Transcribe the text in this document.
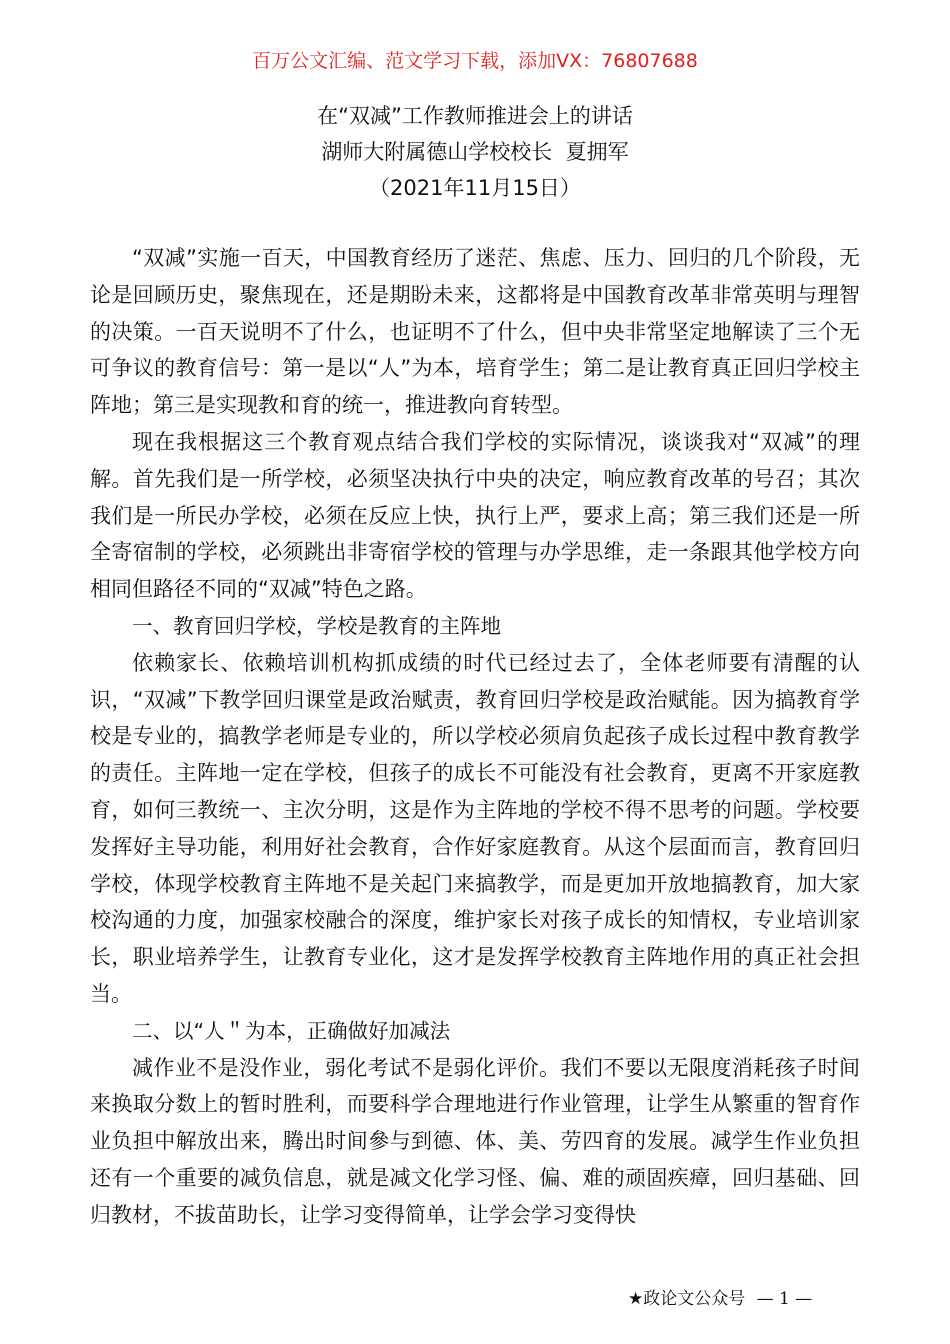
百万公文汇编、范文学习下载，添加VX：76807688
在“双减”工作教师推进会上的讲话
湖师大附属德山学校校长  夏拥军
（2021年11月15日）

“双减”实施一百天，中国教育经历了迷茫、焦虑、压力、回归的几个阶段，无论是回顾历史，聚焦现在，还是期盼未来，这都将是中国教育改革非常英明与理智的决策。一百天说明不了什么，也证明不了什么，但中央非常坚定地解读了三个无可争议的教育信号：第一是以“人”为本，培育学生；第二是让教育真正回归学校主阵地；第三是实现教和育的统一，推进教向育转型。

现在我根据这三个教育观点结合我们学校的实际情况，谈谈我对“双减”的理解。首先我们是一所学校，必须坚决执行中央的决定，响应教育改革的号召；其次我们是一所民办学校，必须在反应上快，执行上严，要求上高；第三我们还是一所全寄宿制的学校，必须跳出非寄宿学校的管理与办学思维，走一条跟其他学校方向相同但路径不同的“双减”特色之路。

一、教育回归学校，学校是教育的主阵地

依赖家长、依赖培训机构抓成绩的时代已经过去了，全体老师要有清醒的认识，“双减”下教学回归课堂是政治赋责，教育回归学校是政治赋能。因为搞教育学校是专业的，搞教学老师是专业的，所以学校必须肩负起孩子成长过程中教育教学的责任。主阵地一定在学校，但孩子的成长不可能没有社会教育，更离不开家庭教育，如何三教统一、主次分明，这是作为主阵地的学校不得不思考的问题。学校要发挥好主导功能，利用好社会教育，合作好家庭教育。从这个层面而言，教育回归学校，体现学校教育主阵地不是关起门来搞教学，而是更加开放地搞教育，加大家校沟通的力度，加强家校融合的深度，维护家长对孩子成长的知情权，专业培训家长，职业培养学生，让教育专业化，这才是发挥学校教育主阵地作用的真正社会担当。

二、以“人＂为本，正确做好加减法

减作业不是没作业，弱化考试不是弱化评价。我们不要以无限度消耗孩子时间来换取分数上的暂时胜利，而要科学合理地进行作业管理，让学生从繁重的智育作业负担中解放出来，腾出时间參与到德、体、美、劳四育的发展。减学生作业负担还有一个重要的减负信息，就是减文化学习怪、偏、难的顽固疾瘴，回归基础、回归教材，不拔苗助长，让学习变得简单，让学会学习变得快

★政论文公众号 — 1 —
